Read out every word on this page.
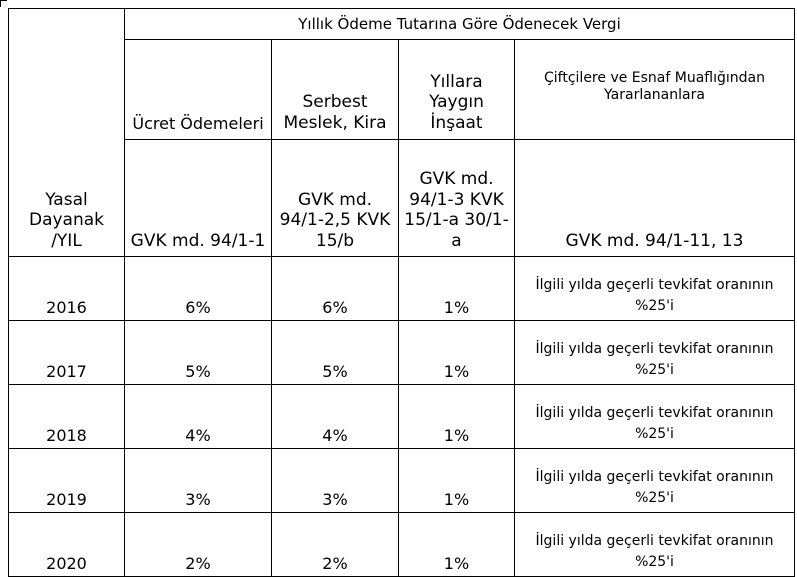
Yasal Dayanak /YIL	Yıllık Ödeme Tutarına Göre Ödenecek Vergi			
	Ücret Ödemeleri	Serbest Meslek, Kira	Yıllara Yaygın İnşaat	Çiftçilere ve Esnaf Muaflığından Yararlananlara
	GVK md. 94/1-1	GVK md. 94/1-2,5 KVK 15/b	GVK md. 94/1-3 KVK 15/1-a 30/1-a	GVK md. 94/1-11, 13
2016	6%	6%	1%	İlgili yılda geçerli tevkifat oranının %25'i
2017	5%	5%	1%	İlgili yılda geçerli tevkifat oranının %25'i
2018	4%	4%	1%	İlgili yılda geçerli tevkifat oranının %25'i
2019	3%	3%	1%	İlgili yılda geçerli tevkifat oranının %25'i
2020	2%	2%	1%	İlgili yılda geçerli tevkifat oranının %25'i
